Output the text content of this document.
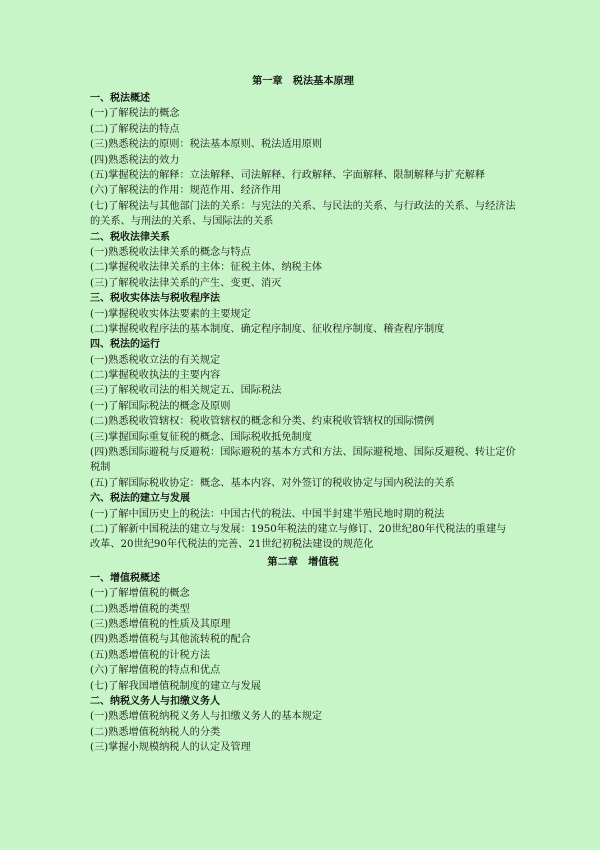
第一章　税法基本原理
一、税法概述
(一)了解税法的概念
(二)了解税法的特点
(三)熟悉税法的原则：税法基本原则、税法适用原则
(四)熟悉税法的效力
(五)掌握税法的解释：立法解释、司法解释、行政解释、字面解释、限制解释与扩充解释
(六)了解税法的作用：规范作用、经济作用
(七)了解税法与其他部门法的关系：与宪法的关系、与民法的关系、与行政法的关系、与经济法的关系、与刑法的关系、与国际法的关系
二、税收法律关系
(一)熟悉税收法律关系的概念与特点
(二)掌握税收法律关系的主体：征税主体、纳税主体
(三)了解税收法律关系的产生、变更、消灭
三、税收实体法与税收程序法
(一)掌握税收实体法要素的主要规定
(二)掌握税收程序法的基本制度、确定程序制度、征收程序制度、稽查程序制度
四、税法的运行
(一)熟悉税收立法的有关规定
(二)掌握税收执法的主要内容
(三)了解税收司法的相关规定五、国际税法
(一)了解国际税法的概念及原则
(二)熟悉税收管辖权：税收管辖权的概念和分类、约束税收管辖权的国际惯例
(三)掌握国际重复征税的概念、国际税收抵免制度
(四)熟悉国际避税与反避税：国际避税的基本方式和方法、国际避税地、国际反避税、转让定价税制
(五)了解国际税收协定：概念、基本内容、对外签订的税收协定与国内税法的关系
六、税法的建立与发展
(一)了解中国历史上的税法：中国古代的税法、中国半封建半殖民地时期的税法
(二)了解新中国税法的建立与发展：1950年税法的建立与修订、20世纪80年代税法的重建与改革、20世纪90年代税法的完善、21世纪初税法建设的规范化
第二章　增值税
一、增值税概述
(一)了解增值税的概念
(二)熟悉增值税的类型
(三)熟悉增值税的性质及其原理
(四)熟悉增值税与其他流转税的配合
(五)熟悉增值税的计税方法
(六)了解增值税的特点和优点
(七)了解我国增值税制度的建立与发展
二、纳税义务人与扣缴义务人
(一)熟悉增值税纳税义务人与扣缴义务人的基本规定
(二)熟悉增值税纳税人的分类
(三)掌握小规模纳税人的认定及管理
